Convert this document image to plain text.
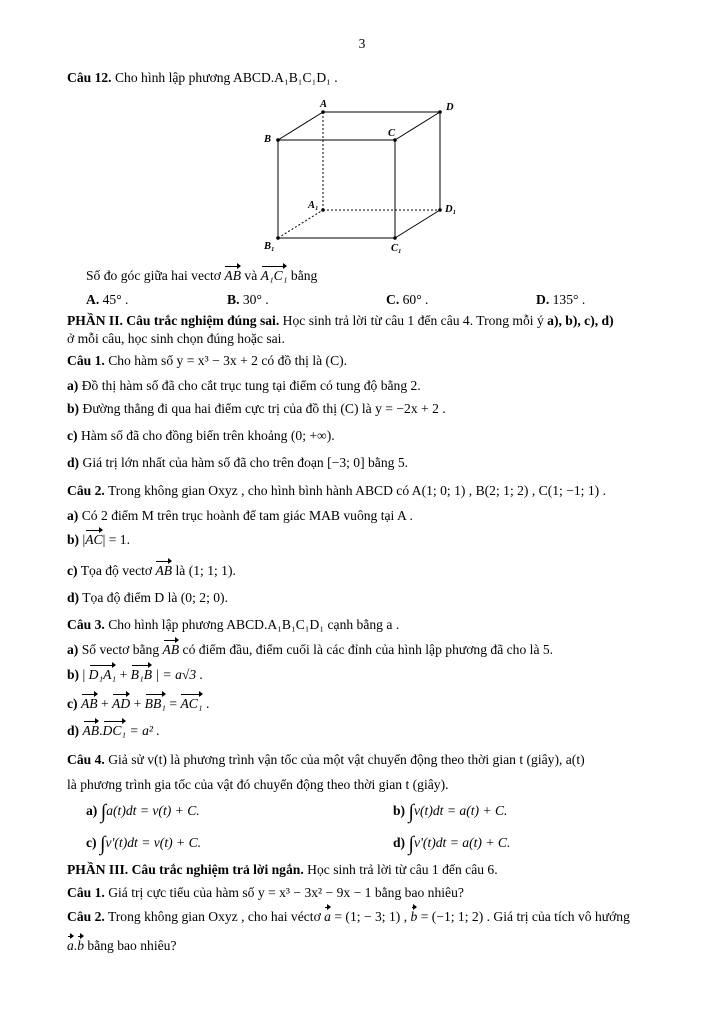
3
Câu 12. Cho hình lập phương ABCD.A₁B₁C₁D₁ .
A	D
B
C
A₁	D₁
B₁	C₁
Số đo góc giữa hai vectơ AB và A₁C₁ bằng
A. 45° .	B. 30° .	C. 60° .	D. 135° .
PHẦN II. Câu trắc nghiệm đúng sai. Học sinh trả lời từ câu 1 đến câu 4. Trong mỗi ý a), b), c), d)
ở mỗi câu, học sinh chọn đúng hoặc sai.
Câu 1. Cho hàm số y = x³ − 3x + 2 có đồ thị là (C).
a) Đồ thị hàm số đã cho cắt trục tung tại điểm có tung độ bằng 2.
b) Đường thẳng đi qua hai điểm cực trị của đồ thị (C) là y = −2x + 2 .
c) Hàm số đã cho đồng biến trên khoảng (0; +∞).
d) Giá trị lớn nhất của hàm số đã cho trên đoạn [−3; 0] bằng 5.
Câu 2. Trong không gian Oxyz , cho hình bình hành ABCD có A(1; 0; 1) , B(2; 1; 2) , C(1; −1; 1) .
a) Có 2 điểm M trên trục hoành để tam giác MAB vuông tại A .
b) |AC| = 1.
c) Tọa độ vectơ AB là (1; 1; 1).
d) Tọa độ điểm D là (0; 2; 0).
Câu 3. Cho hình lập phương ABCD.A₁B₁C₁D₁ cạnh bằng a .
a) Số vectơ bằng AB có điểm đầu, điểm cuối là các đỉnh của hình lập phương đã cho là 5.
b) | D₁A₁ + B₁B | = a√3 .
c) AB + AD + BB₁ = AC₁ .
d) AB.DC₁ = a² .
Câu 4. Giả sử v(t) là phương trình vận tốc của một vật chuyển động theo thời gian t (giây), a(t)
là phương trình gia tốc của vật đó chuyển động theo thời gian t (giây).
a) ∫a(t)dt = v(t) + C.	b) ∫v(t)dt = a(t) + C.
c) ∫v'(t)dt = v(t) + C.	d) ∫v'(t)dt = a(t) + C.
PHẦN III. Câu trắc nghiệm trả lời ngắn. Học sinh trả lời từ câu 1 đến câu 6.
Câu 1. Giá trị cực tiểu của hàm số y = x³ − 3x² − 9x − 1 bằng bao nhiêu?
Câu 2. Trong không gian Oxyz , cho hai véctơ a = (1; − 3; 1) , b = (−1; 1; 2) . Giá trị của tích vô hướng
a.b bằng bao nhiêu?
